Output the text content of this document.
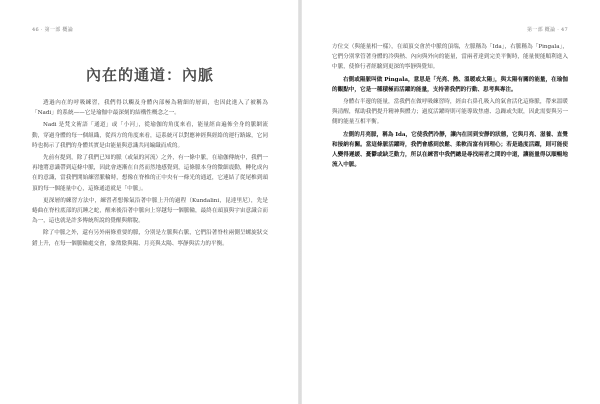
46 · 第一部 概論
內在的通道：內脈

透過內在的呼吸練習，我們得以觸及身體內部極為精細的層面，也因此進入了被稱為「Nadi」的系統——它是瑜伽中最深刻的結構性概念之一。

Nadi 是梵文術語「通道」或「小河」，從瑜伽的角度來看，能量經由遍佈全身的脈網流動，穿過身體的每一個組織，從西方的角度來看，這系統可以對應神經與經絡的運行路線，它同時也揭示了我們的身體其實是由能量與意識共同編織而成的。

先前有提到，除了我們已知的脈（或氣的河流）之外，有一條中脈，在瑜伽傳統中，我們一再地將意識帶到這條中脈，因此會逐漸在自然而然地感覺到，這條脈本身的微細震動，轉化成內在的意識，當我們開始練習脈輪時，想像在脊椎的正中央有一條光的通道，它連結了從尾椎到頭頂的每一個能量中心，這條通道就是「中脈」。

更深層的練習方法中，練習者想像氣沿著中脈上升的過程（Kundalini，昆達里尼），先是蜷曲在脊柱底部的沉睡之蛇，醒來後沿著中脈向上穿越每一個脈輪，最終在頭頂與宇宙意識合而為一，這也就是許多傳統所說的覺醒與解脫。

除了中脈之外，還有另外兩條重要的脈，分別是左脈與右脈，它們沿著脊柱兩側呈螺旋狀交錯上升，在每一個脈輪處交會，象徵陰與陽、月亮與太陽、寧靜與活力的平衡。

第一部 概論 · 47

方位交（與能量相一樣），在頭頂交會於中脈的頂端，左脈稱為「Ida」，右脈稱為「Pingala」，它們分別掌管著身體的冷與熱、內向與外向的能量，當兩者達到完美平衡時，能量便能順利進入中脈，使修行者經驗到更深的寧靜與覺知。

右側或陽脈叫做 Pingala，意思是「光亮、熱、溫暖或太陽」，與太陽有關的能量，在瑜伽的觀點中，它是一種積極而活躍的能量，支持著我們的行動、思考與專注。

身體右半邊的能量，當我們在做呼吸練習時，經由右鼻孔吸入的氣會活化這條脈，帶來溫暖與清醒，幫助我們提升精神與體力；過度活躍時則可能導致焦慮、急躁或失眠，因此需要與另一側的能量互相平衡。

左側的月亮脈，稱為 Ida，它使我們冷靜，讓內在回到安靜的狀態，它與月亮、滋養、直覺和接納有關。當這條脈活躍時，我們會感到放鬆、柔軟而富有同理心；若是過度活躍，則可能使人變得遲緩、憂鬱或缺乏動力，所以在練習中我們總是尋找兩者之間的中道，讓能量得以順暢地流入中脈。
